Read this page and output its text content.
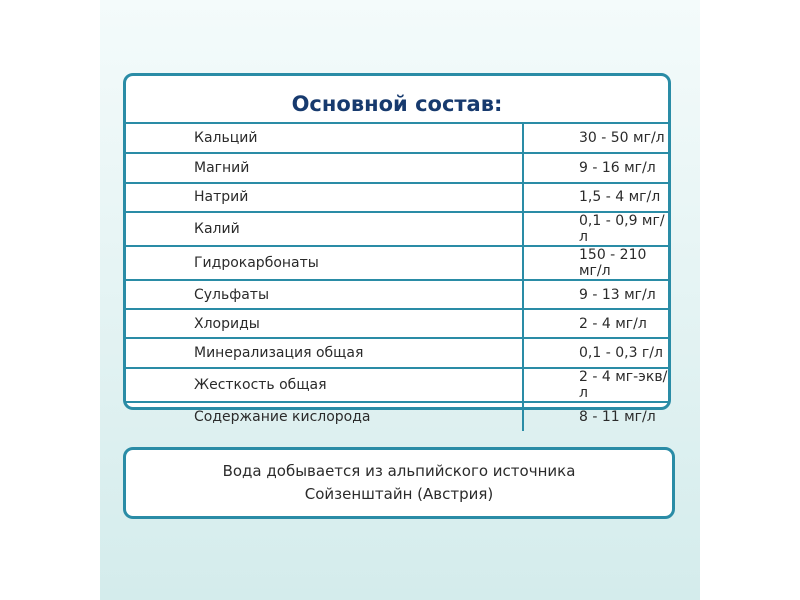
Основной состав:
Кальций	30 - 50 мг/л
Магний	9 - 16 мг/л
Натрий	1,5 - 4 мг/л
Калий	0,1 - 0,9 мг/л
Гидрокарбонаты	150 - 210 мг/л
Сульфаты	9 - 13 мг/л
Хлориды	2 - 4 мг/л
Минерализация общая	0,1 - 0,3 г/л
Жесткость общая	2 - 4 мг-экв/л
Содержание кислорода	8 - 11 мг/л
Вода добывается из альпийского источника
Сойзенштайн (Австрия)
